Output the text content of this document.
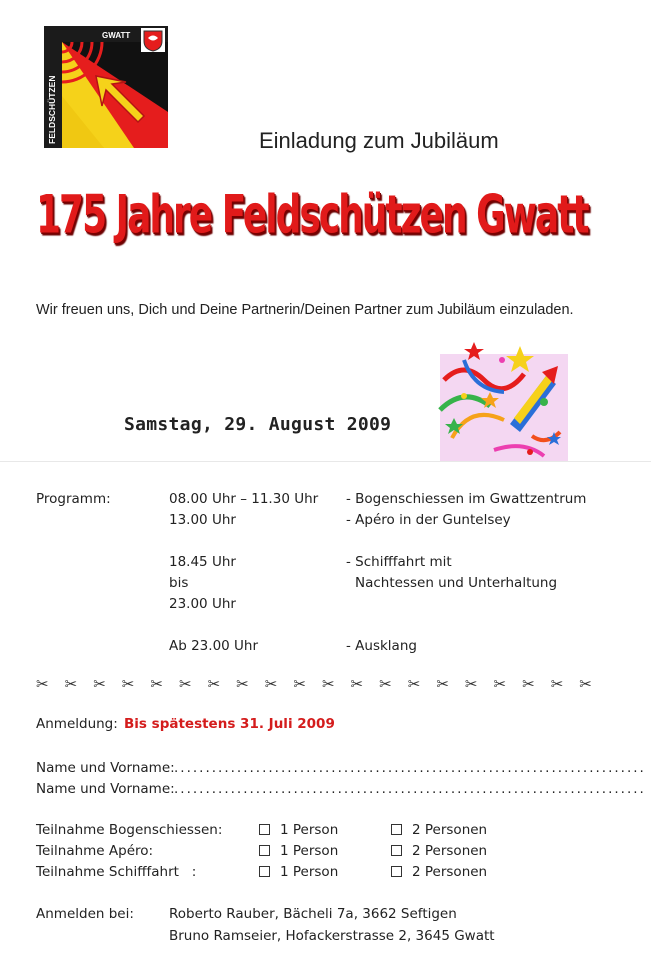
GWATT
FELDSCHÜTZEN	Einladung zum Jubiläum
175 Jahre Feldschützen Gwatt
Wir freuen uns, Dich und Deine Partnerin/Deinen Partner zum Jubiläum einzuladen.
Samstag, 29. August 2009
Programm:	08.00 Uhr – 11.30 Uhr - Bogenschiessen im Gwattzentrum
13.00 Uhr	- Apéro in der Guntelsey
18.45 Uhr	- Schifffahrt mit
bis	Nachtessen und Unterhaltung
23.00 Uhr
Ab 23.00 Uhr	- Ausklang
✂ ✂ ✂ ✂ ✂ ✂ ✂ ✂ ✂ ✂ ✂ ✂ ✂ ✂ ✂ ✂ ✂ ✂ ✂ ✂
Anmeldung: Bis spätestens 31. Juli 2009
Name und Vorname: ...........................................................................
Name und Vorname: ...........................................................................
Teilnahme Bogenschiessen:	1 Person	2 Personen
Teilnahme Apéro:	1 Person	2 Personen
Teilnahme Schifffahrt   :	1 Person	2 Personen
Anmelden bei:	Roberto Rauber, Bächeli 7a, 3662 Seftigen
Bruno Ramseier, Hofackerstrasse 2, 3645 Gwatt
